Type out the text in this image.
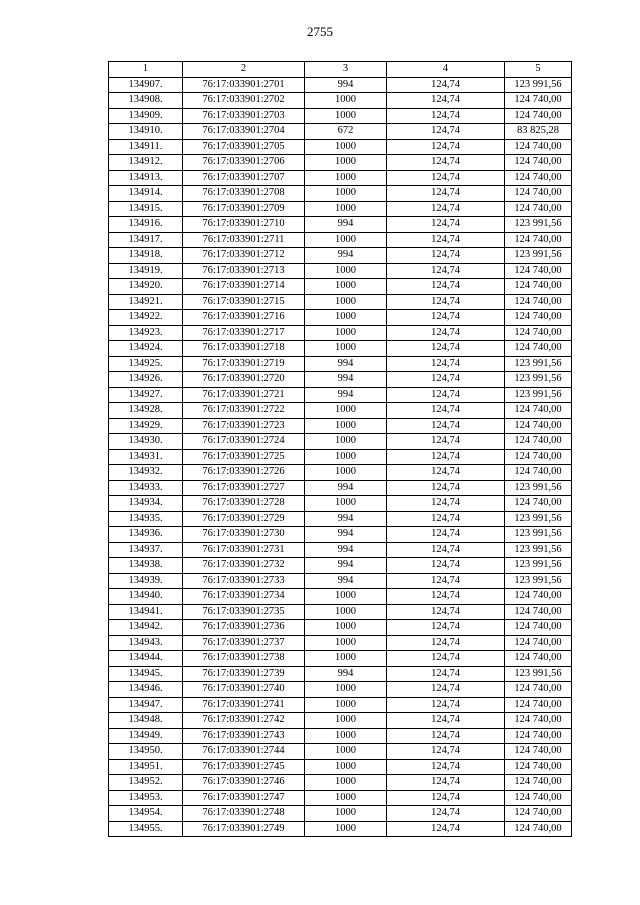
2755
1	2	3	4	5
134907.	76:17:033901:2701	994	124,74	123 991,56
134908.	76:17:033901:2702	1000	124,74	124 740,00
134909.	76:17:033901:2703	1000	124,74	124 740,00
134910.	76:17:033901:2704	672	124,74	83 825,28
134911.	76:17:033901:2705	1000	124,74	124 740,00
134912.	76:17:033901:2706	1000	124,74	124 740,00
134913.	76:17:033901:2707	1000	124,74	124 740,00
134914.	76:17:033901:2708	1000	124,74	124 740,00
134915.	76:17:033901:2709	1000	124,74	124 740,00
134916.	76:17:033901:2710	994	124,74	123 991,56
134917.	76:17:033901:2711	1000	124,74	124 740,00
134918.	76:17:033901:2712	994	124,74	123 991,56
134919.	76:17:033901:2713	1000	124,74	124 740,00
134920.	76:17:033901:2714	1000	124,74	124 740,00
134921.	76:17:033901:2715	1000	124,74	124 740,00
134922.	76:17:033901:2716	1000	124,74	124 740,00
134923.	76:17:033901:2717	1000	124,74	124 740,00
134924.	76:17:033901:2718	1000	124,74	124 740,00
134925.	76:17:033901:2719	994	124,74	123 991,56
134926.	76:17:033901:2720	994	124,74	123 991,56
134927.	76:17:033901:2721	994	124,74	123 991,56
134928.	76:17:033901:2722	1000	124,74	124 740,00
134929.	76:17:033901:2723	1000	124,74	124 740,00
134930.	76:17:033901:2724	1000	124,74	124 740,00
134931.	76:17:033901:2725	1000	124,74	124 740,00
134932.	76:17:033901:2726	1000	124,74	124 740,00
134933.	76:17:033901:2727	994	124,74	123 991,56
134934.	76:17:033901:2728	1000	124,74	124 740,00
134935.	76:17:033901:2729	994	124,74	123 991,56
134936.	76:17:033901:2730	994	124,74	123 991,56
134937.	76:17:033901:2731	994	124,74	123 991,56
134938.	76:17:033901:2732	994	124,74	123 991,56
134939.	76:17:033901:2733	994	124,74	123 991,56
134940.	76:17:033901:2734	1000	124,74	124 740,00
134941.	76:17:033901:2735	1000	124,74	124 740,00
134942.	76:17:033901:2736	1000	124,74	124 740,00
134943.	76:17:033901:2737	1000	124,74	124 740,00
134944.	76:17:033901:2738	1000	124,74	124 740,00
134945.	76:17:033901:2739	994	124,74	123 991,56
134946.	76:17:033901:2740	1000	124,74	124 740,00
134947.	76:17:033901:2741	1000	124,74	124 740,00
134948.	76:17:033901:2742	1000	124,74	124 740,00
134949.	76:17:033901:2743	1000	124,74	124 740,00
134950.	76:17:033901:2744	1000	124,74	124 740,00
134951.	76:17:033901:2745	1000	124,74	124 740,00
134952.	76:17:033901:2746	1000	124,74	124 740,00
134953.	76:17:033901:2747	1000	124,74	124 740,00
134954.	76:17:033901:2748	1000	124,74	124 740,00
134955.	76:17:033901:2749	1000	124,74	124 740,00
